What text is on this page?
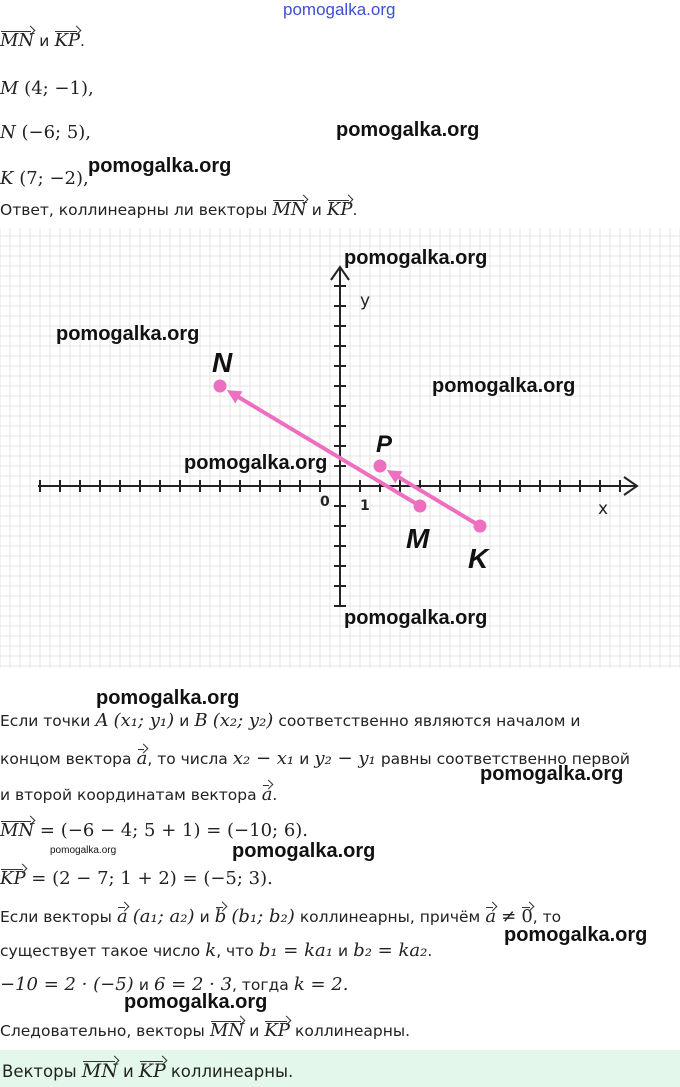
pomogalka.org
MN и KP.
M (4; −1),
N (−6; 5),
K (7; −2),
Ответ, коллинеарны ли векторы MN и KP.
y
x
0 1
N
P
M
K
pomogalka.org
pomogalka.org
pomogalka.org
pomogalka.org
pomogalka.org
pomogalka.org
pomogalka.org
pomogalka.org
pomogalka.org
pomogalka.org
pomogalka.org
pomogalka.org
pomogalka.org
Если точки A (x₁; y₁) и B (x₂; y₂) соответственно являются началом и
концом вектора a, то числа x₂ − x₁ и y₂ − y₁ равны соответственно первой
и второй координатам вектора a.
MN = (−6 − 4; 5 + 1) = (−10; 6).
KP = (2 − 7; 1 + 2) = (−5; 3).
Если векторы a (a₁; a₂) и b (b₁; b₂) коллинеарны, причём a ≠ 0, то
существует такое число k, что b₁ = ka₁ и b₂ = ka₂.
−10 = 2 · (−5) и 6 = 2 · 3, тогда k = 2.
Следовательно, векторы MN и KP коллинеарны.
Векторы MN и KP коллинеарны.
